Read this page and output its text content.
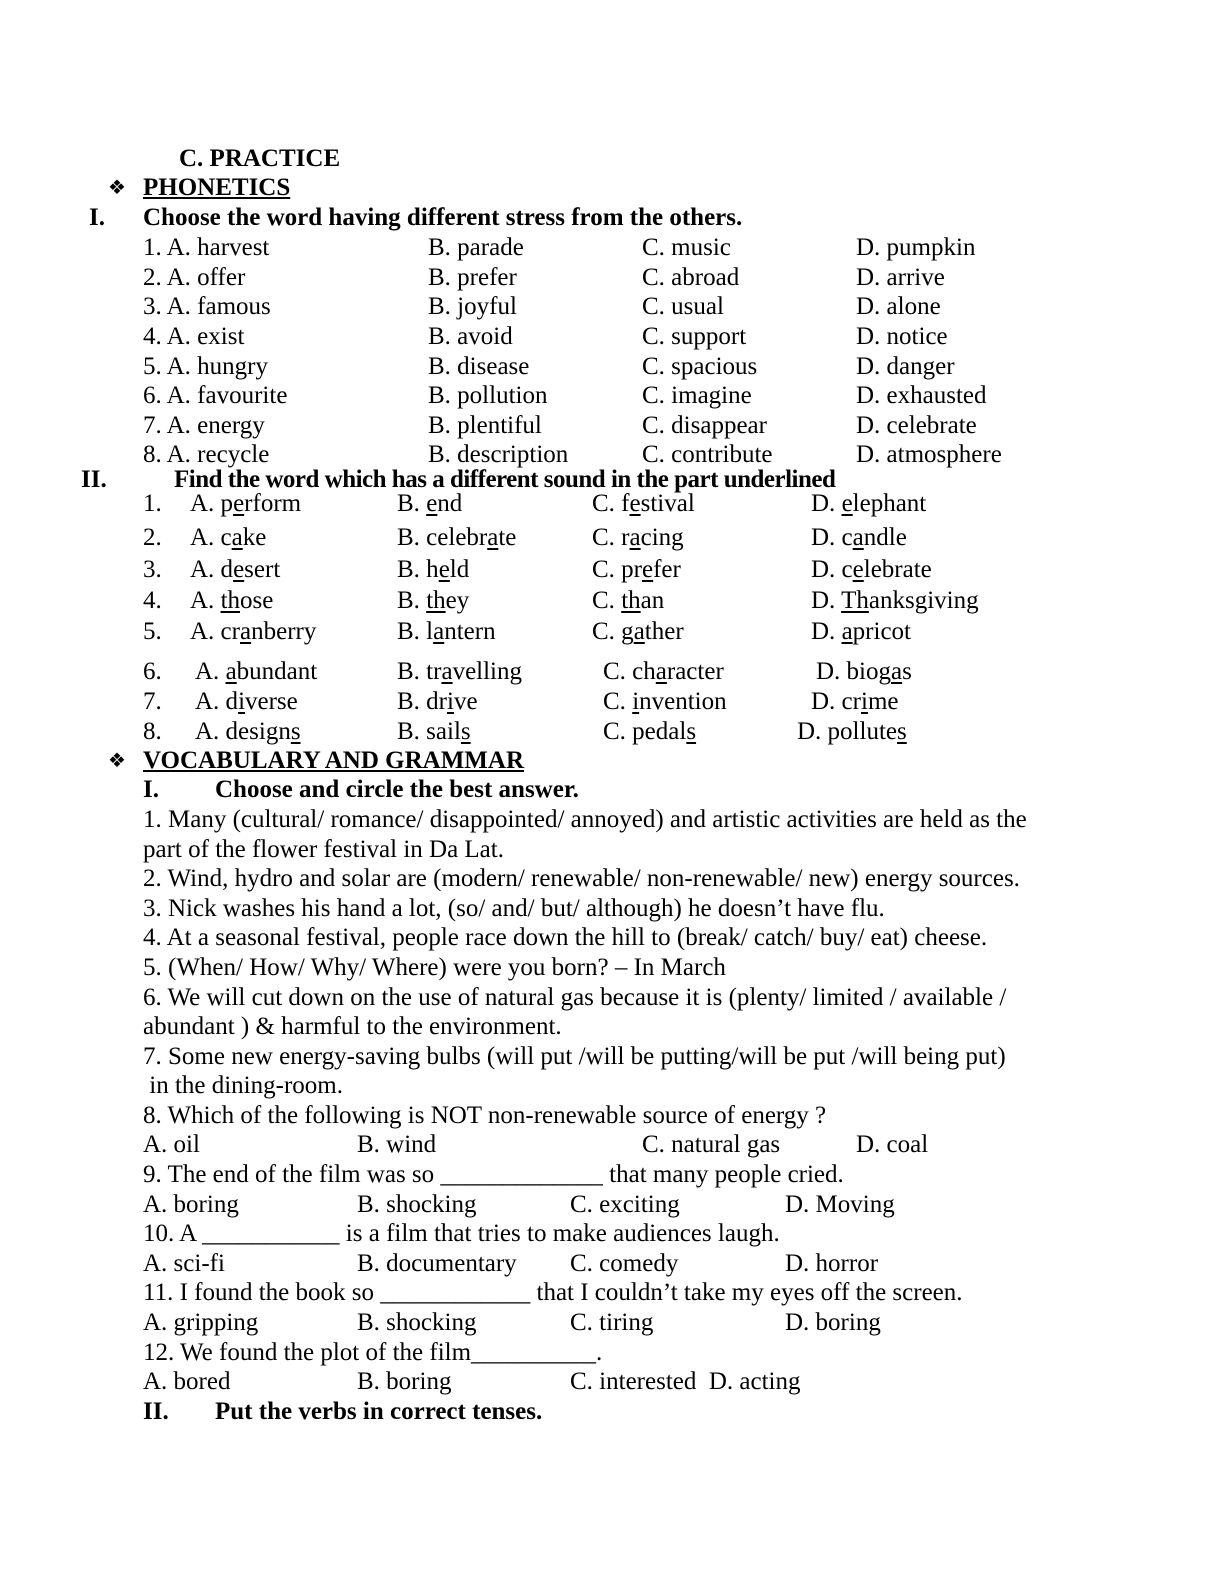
C. PRACTICE
❖ PHONETICS
I. Choose the word having different stress from the others.
1. A. harvest	B. parade	C. music	D. pumpkin
2. A. offer	B. prefer	C. abroad	D. arrive
3. A. famous	B. joyful	C. usual	D. alone
4. A. exist	B. avoid	C. support	D. notice
5. A. hungry	B. disease	C. spacious	D. danger
6. A. favourite	B. pollution	C. imagine	D. exhausted
7. A. energy	B. plentiful	C. disappear	D. celebrate
8. A. recycle	B. description	C. contribute	D. atmosphere
II.	Find the word which has a different sound in the part underlined
1. A. perform	B. end	C. festival	D. elephant
2. A. cake	B. celebrate	C. racing	D. candle
3. A. desert	B. held	C. prefer	D. celebrate
4. A. those	B. they	C. than	D. Thanksgiving
5. A. cranberry	B. lantern	C. gather	D. apricot
6. A. abundant	B. travelling	C. character	D. biogas
7. A. diverse	B. drive	C. invention	D. crime
8. A. designs	B. sails	C. pedals	D. pollutes
❖ VOCABULARY AND GRAMMAR
I. Choose and circle the best answer.
1. Many (cultural/ romance/ disappointed/ annoyed) and artistic activities are held as the
part of the flower festival in Da Lat.
2. Wind, hydro and solar are (modern/ renewable/ non-renewable/ new) energy sources.
3. Nick washes his hand a lot, (so/ and/ but/ although) he doesn’t have flu.
4. At a seasonal festival, people race down the hill to (break/ catch/ buy/ eat) cheese.
5. (When/ How/ Why/ Where) were you born? – In March
6. We will cut down on the use of natural gas because it is (plenty/ limited / available /
abundant ) & harmful to the environment.
7. Some new energy-saving bulbs (will put /will be putting/will be put /will being put)
in the dining-room.
8. Which of the following is NOT non-renewable source of energy ?
A. oil	B. wind	C. natural gas	D. coal
9. The end of the film was so _____________ that many people cried.
A. boring	B. shocking	C. exciting	D. Moving
10. A ___________ is a film that tries to make audiences laugh.
A. sci-fi	B. documentary C. comedy	D. horror
11. I found the book so ____________ that I couldn’t take my eyes off the screen.
A. gripping	B. shocking	C. tiring	D. boring
12. We found the plot of the film__________.
A. bored	B. boring	C. interested  D. acting
II. Put the verbs in correct tenses.
